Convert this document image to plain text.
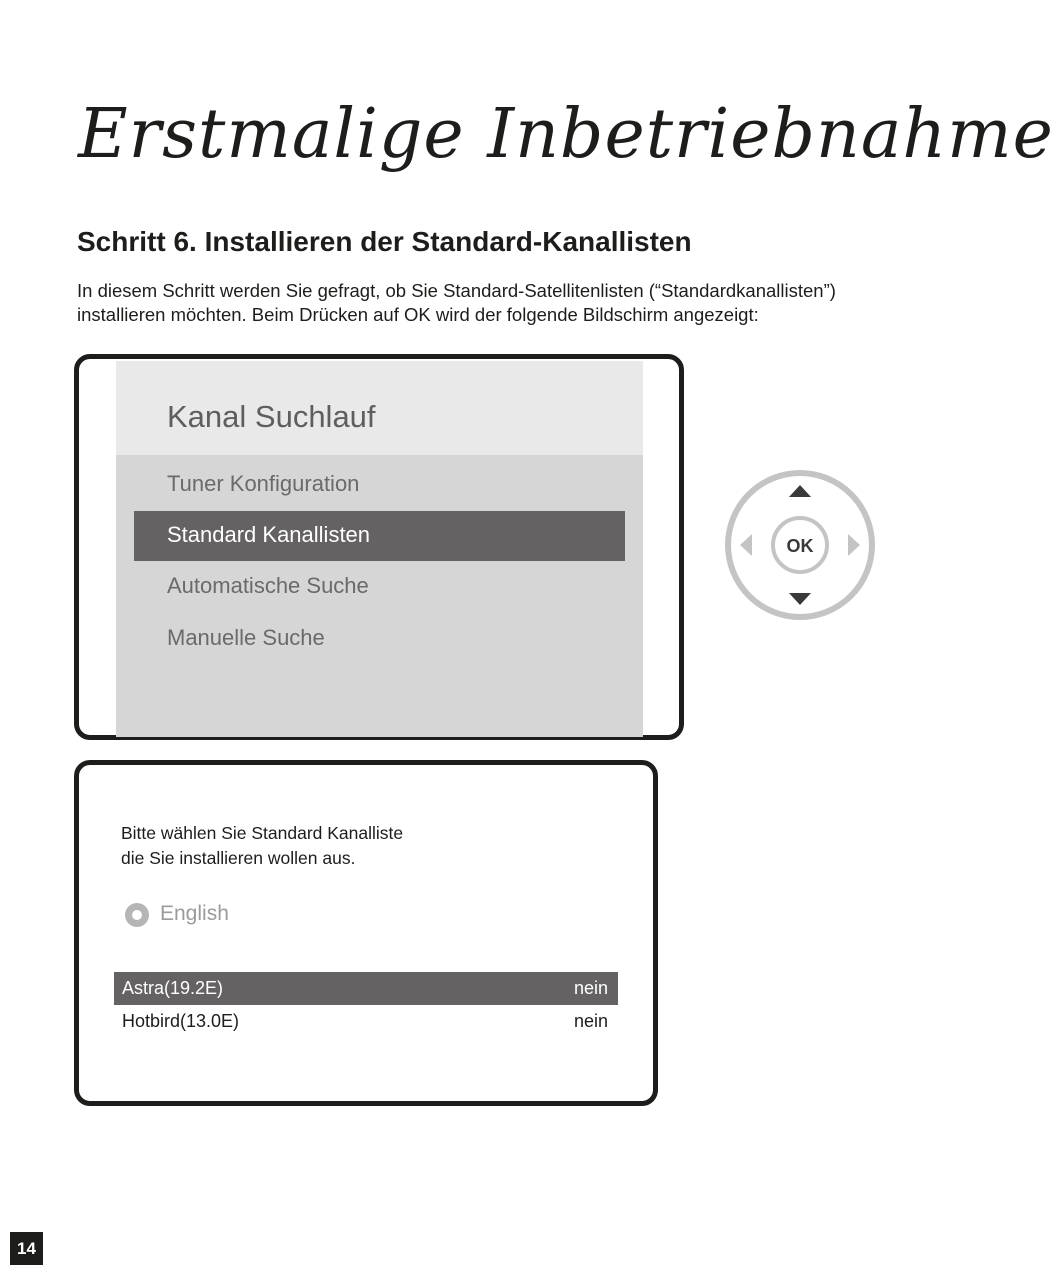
Erstmalige Inbetriebnahme
Schritt 6. Installieren der Standard-Kanallisten

In diesem Schritt werden Sie gefragt, ob Sie Standard-Satellitenlisten (“Standardkanallisten”)
installieren möchten. Beim Drücken auf OK wird der folgende Bildschirm angezeigt:

Kanal Suchlauf
Tuner Konfiguration
Standard Kanallisten
Automatische Suche
Manuelle Suche
OK
Bitte wählen Sie Standard Kanalliste
die Sie installieren wollen aus.
English
Astra(19.2E)	nein
Hotbird(13.0E)	nein
14
